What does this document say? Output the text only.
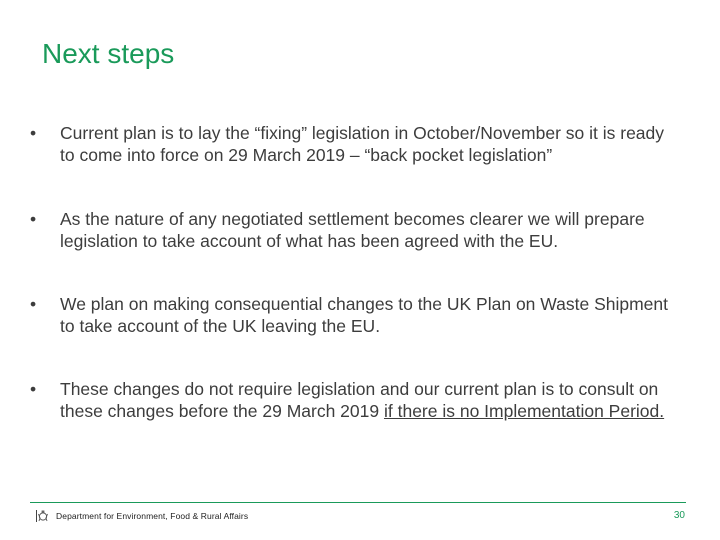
Next steps
•	Current plan is to lay the “fixing” legislation in October/November so it is ready to come into force on 29 March 2019 – “back pocket legislation”
•	As the nature of any negotiated settlement becomes clearer we will prepare legislation to take account of what has been agreed with the EU.
•	We plan on making consequential changes to the UK Plan on Waste Shipment to take account of the UK leaving the EU.
•	These changes do not require legislation and our current plan is to consult on these changes before the 29 March 2019 if there is no Implementation Period.
Department for Environment, Food & Rural Affairs	30
